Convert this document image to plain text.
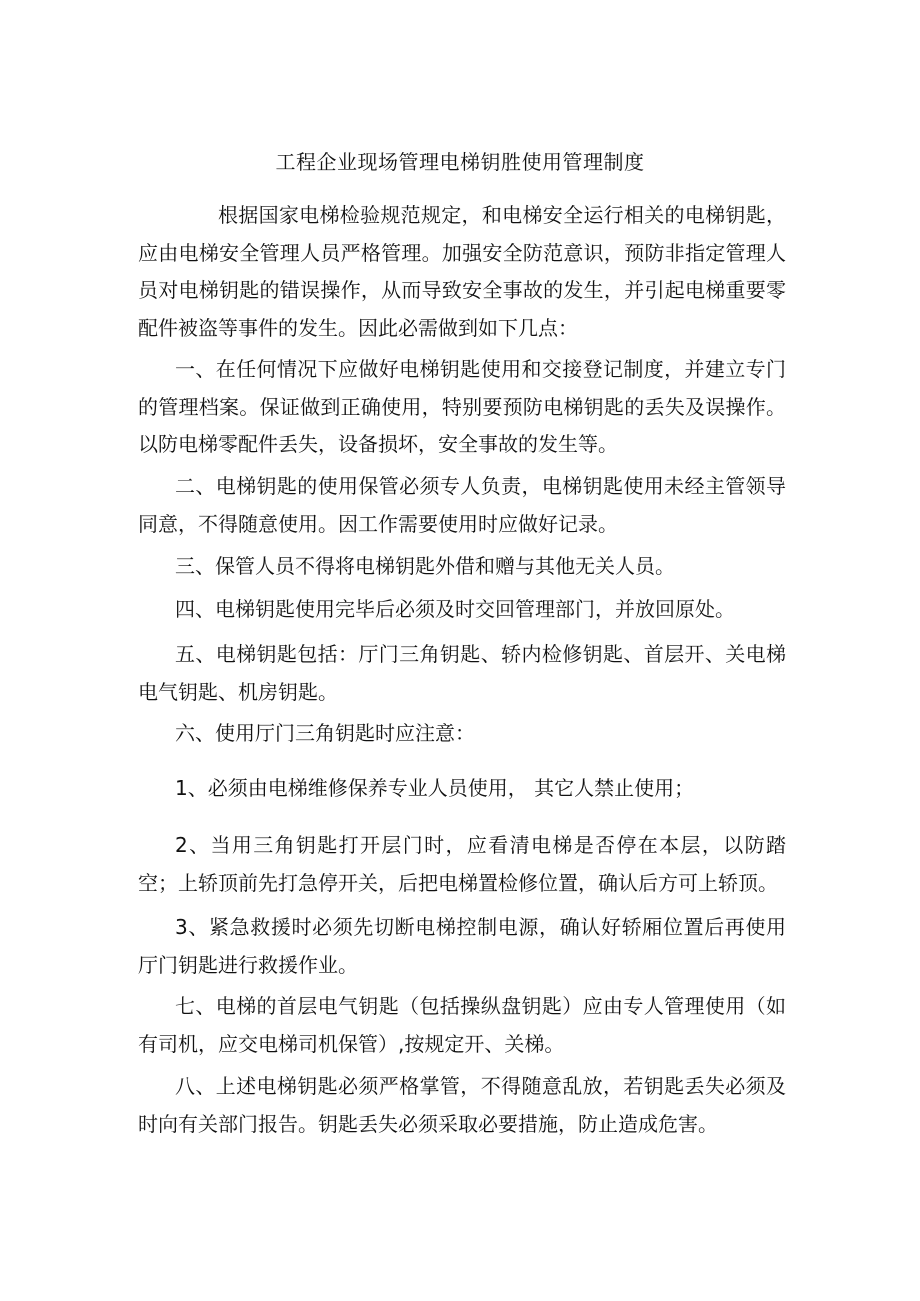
工程企业现场管理电梯钥胜使用管理制度

根据国家电梯检验规范规定，和电梯安全运行相关的电梯钥匙，应由电梯安全管理人员严格管理。加强安全防范意识，预防非指定管理人员对电梯钥匙的错误操作，从而导致安全事故的发生，并引起电梯重要零配件被盗等事件的发生。因此必需做到如下几点：

一、在任何情况下应做好电梯钥匙使用和交接登记制度，并建立专门的管理档案。保证做到正确使用，特别要预防电梯钥匙的丢失及误操作。以防电梯零配件丢失，设备损坏，安全事故的发生等。

二、电梯钥匙的使用保管必须专人负责，电梯钥匙使用未经主管领导同意，不得随意使用。因工作需要使用时应做好记录。

三、保管人员不得将电梯钥匙外借和赠与其他无关人员。

四、电梯钥匙使用完毕后必须及时交回管理部门，并放回原处。

五、电梯钥匙包括：厅门三角钥匙、轿内检修钥匙、首层开、关电梯电气钥匙、机房钥匙。

六、使用厅门三角钥匙时应注意：

1、必须由电梯维修保养专业人员使用， 其它人禁止使用；

2、当用三角钥匙打开层门时，应看清电梯是否停在本层，以防踏空；上轿顶前先打急停开关，后把电梯置检修位置，确认后方可上轿顶。

3、紧急救援时必须先切断电梯控制电源，确认好轿厢位置后再使用厅门钥匙进行救援作业。

七、电梯的首层电气钥匙（包括操纵盘钥匙）应由专人管理使用（如有司机，应交电梯司机保管）,按规定开、关梯。

八、上述电梯钥匙必须严格掌管，不得随意乱放，若钥匙丢失必须及时向有关部门报告。钥匙丢失必须采取必要措施，防止造成危害。
